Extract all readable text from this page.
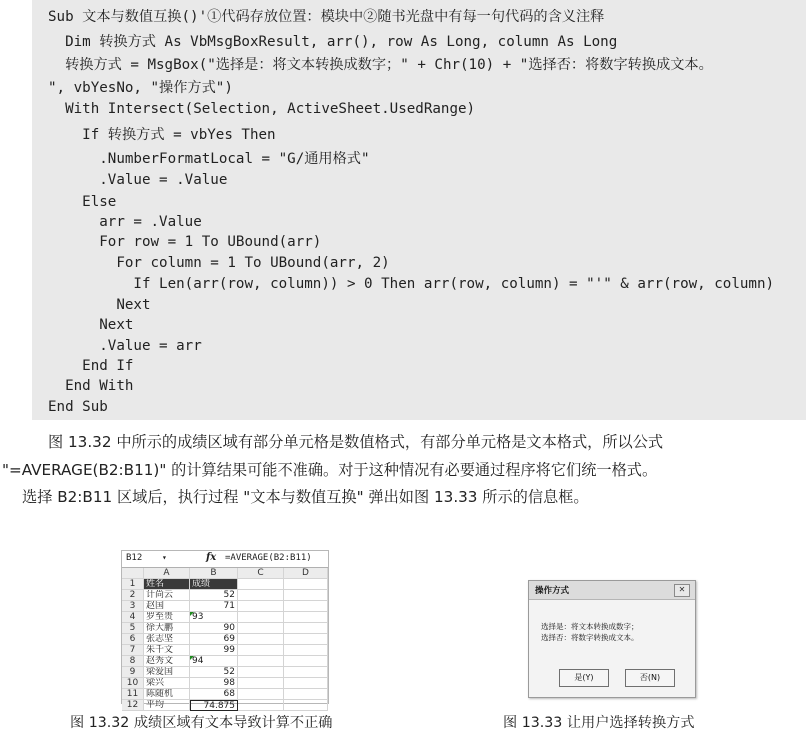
Sub 文本与数值互换()'①代码存放位置：模块中②随书光盘中有每一句代码的含义注释
Dim 转换方式 As VbMsgBoxResult, arr(), row As Long, column As Long
转换方式 = MsgBox("选择是：将文本转换成数字；" + Chr(10) + "选择否：将数字转换成文本。
", vbYesNo, "操作方式")
With Intersect(Selection, ActiveSheet.UsedRange)
If 转换方式 = vbYes Then
.NumberFormatLocal = "G/通用格式"
.Value = .Value
Else
arr = .Value
For row = 1 To UBound(arr)
For column = 1 To UBound(arr, 2)
If Len(arr(row, column)) > 0 Then arr(row, column) = "'" & arr(row, column)
Next
Next
.Value = arr
End If
End With
End Sub
图 13.32 中所示的成绩区域有部分单元格是数值格式，有部分单元格是文本格式，所以公式
"=AVERAGE(B2:B11)" 的计算结果可能不准确。对于这种情况有必要通过程序将它们统一格式。
选择 B2:B11 区域后，执行过程 "文本与数值互换" 弹出如图 13.33 所示的信息框。
B12	▾	fx =AVERAGE(B2:B11)
A	B	C	D
1	姓名	成绩
2	计尚云	52
3	赵国	71
4	罗至贵	93
5	徐大鹏	90
6	张志坚	69
7	朱千文	99
8	赵秀文	94
9	梁爱国	52
10 梁兴	98
11 陈随机	68
12 平均	74.875
操作方式	✕
选择是：将文本转换成数字；
选择否：将数字转换成文本。
是(Y)	否(N)
图 13.32 成绩区域有文本导致计算不正确	图 13.33 让用户选择转换方式
